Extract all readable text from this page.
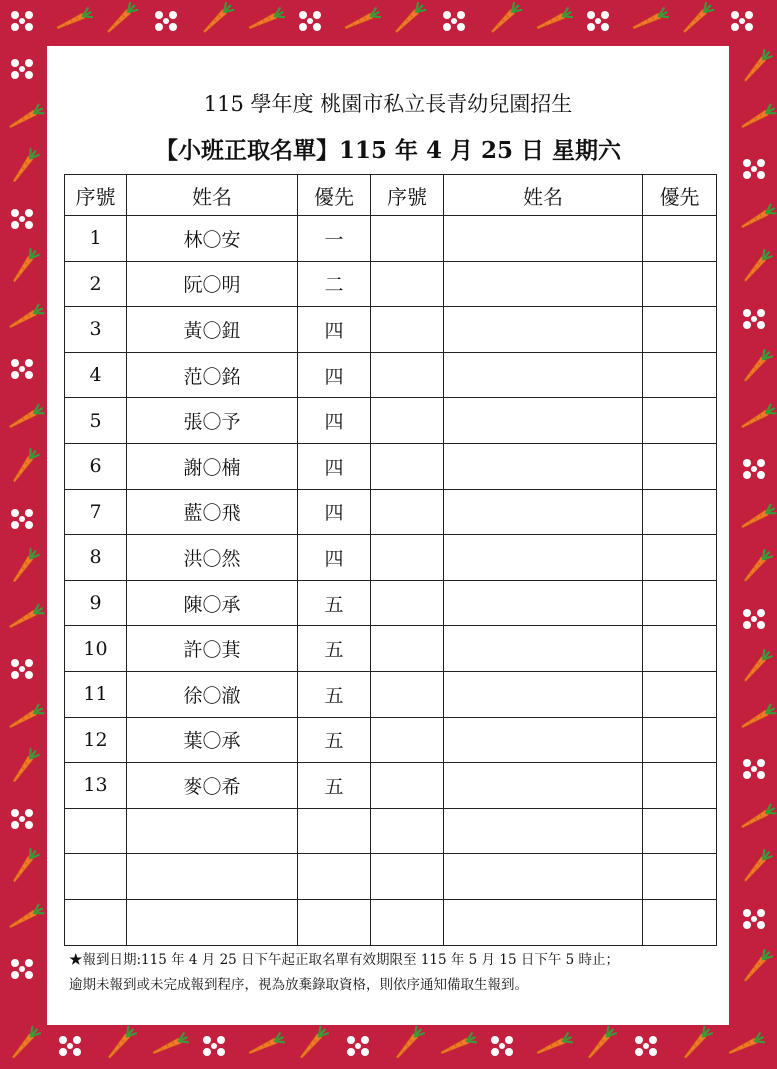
115 學年度 桃園市私立長青幼兒園招生
【小班正取名單】115 年 4 月 25 日 星期六
序號	姓名	優先	序號	姓名	優先
1	林〇安	一			
2	阮〇明	二			
3	黃〇鈕	四			
4	范〇銘	四			
5	張〇予	四			
6	謝〇楠	四			
7	藍〇飛	四			
8	洪〇然	四			
9	陳〇承	五			
10	許〇萁	五			
11	徐〇澈	五			
12	葉〇承	五			
13	麥〇希	五			

★報到日期:115 年 4 月 25 日下午起正取名單有效期限至 115 年 5 月 15 日下午 5 時止；
逾期未報到或未完成報到程序，視為放棄錄取資格，則依序通知備取生報到。
